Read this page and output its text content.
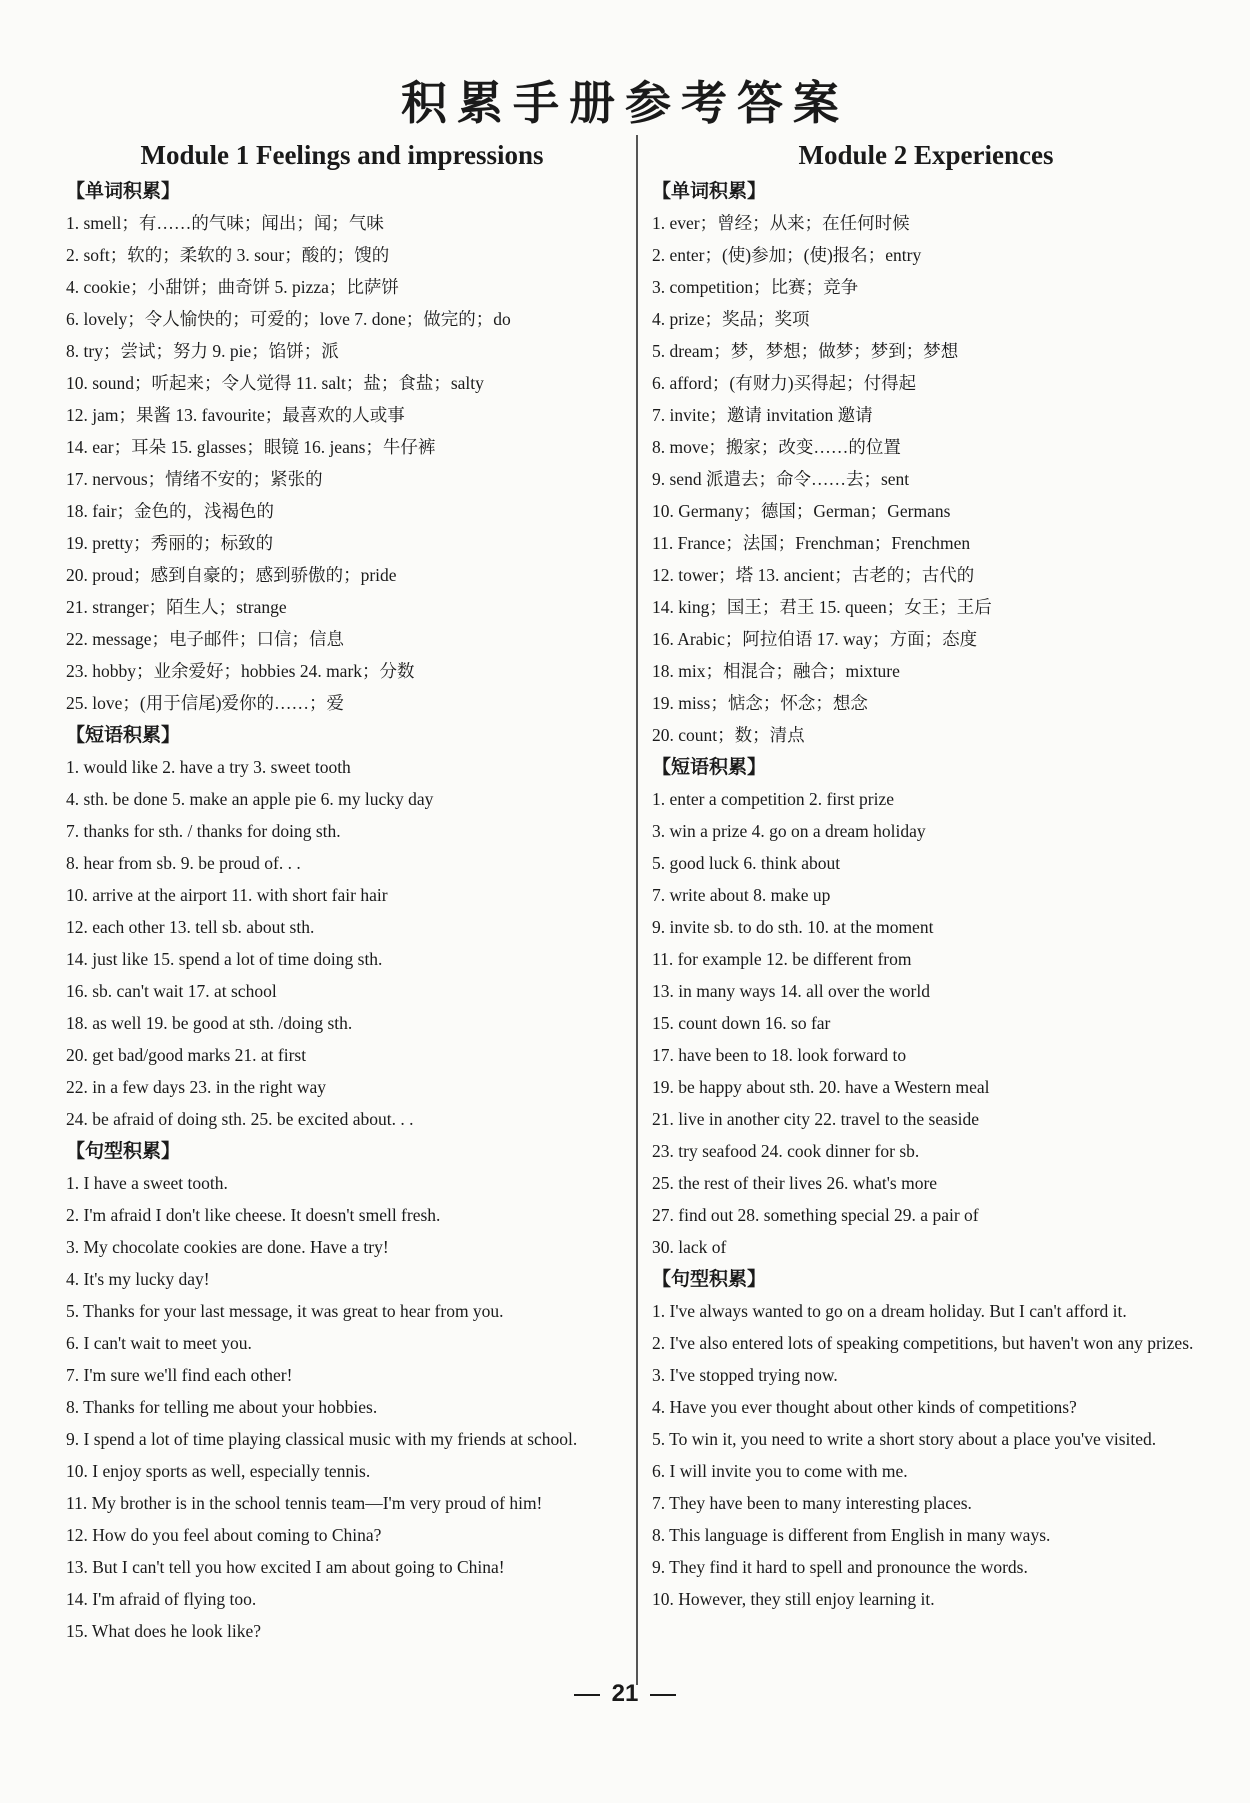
积累手册参考答案
Module 1 Feelings and impressions
【单词积累】
1. smell；有……的气味；闻出；闻；气味
2. soft；软的；柔软的 3. sour；酸的；馊的
4. cookie；小甜饼；曲奇饼 5. pizza；比萨饼
6. lovely；令人愉快的；可爱的；love 7. done；做完的；do
8. try；尝试；努力 9. pie；馅饼；派
10. sound；听起来；令人觉得 11. salt；盐；食盐；salty
12. jam；果酱 13. favourite；最喜欢的人或事
14. ear；耳朵 15. glasses；眼镜 16. jeans；牛仔裤
17. nervous；情绪不安的；紧张的
18. fair；金色的，浅褐色的
19. pretty；秀丽的；标致的
20. proud；感到自豪的；感到骄傲的；pride
21. stranger；陌生人；strange
22. message；电子邮件；口信；信息
23. hobby；业余爱好；hobbies 24. mark；分数
25. love；(用于信尾)爱你的……；爱
【短语积累】
1. would like 2. have a try 3. sweet tooth
4. sth. be done 5. make an apple pie 6. my lucky day
7. thanks for sth. / thanks for doing sth.
8. hear from sb. 9. be proud of. . .
10. arrive at the airport 11. with short fair hair
12. each other 13. tell sb. about sth.
14. just like 15. spend a lot of time doing sth.
16. sb. can't wait 17. at school
18. as well 19. be good at sth. /doing sth.
20. get bad/good marks 21. at first
22. in a few days 23. in the right way
24. be afraid of doing sth. 25. be excited about. . .
【句型积累】
1. I have a sweet tooth.
2. I'm afraid I don't like cheese. It doesn't smell fresh.
3. My chocolate cookies are done. Have a try!
4. It's my lucky day!
5. Thanks for your last message, it was great to hear from you.
6. I can't wait to meet you.
7. I'm sure we'll find each other!
8. Thanks for telling me about your hobbies.
9. I spend a lot of time playing classical music with my friends at school.
10. I enjoy sports as well, especially tennis.
11. My brother is in the school tennis team—I'm very proud of him!
12. How do you feel about coming to China?
13. But I can't tell you how excited I am about going to China!
14. I'm afraid of flying too.
15. What does he look like?
Module 2 Experiences
【单词积累】
1. ever；曾经；从来；在任何时候
2. enter；(使)参加；(使)报名；entry
3. competition；比赛；竞争
4. prize；奖品；奖项
5. dream；梦，梦想；做梦；梦到；梦想
6. afford；(有财力)买得起；付得起
7. invite；邀请 invitation 邀请
8. move；搬家；改变……的位置
9. send 派遣去；命令……去；sent
10. Germany；德国；German；Germans
11. France；法国；Frenchman；Frenchmen
12. tower；塔 13. ancient；古老的；古代的
14. king；国王；君王 15. queen；女王；王后
16. Arabic；阿拉伯语 17. way；方面；态度
18. mix；相混合；融合；mixture
19. miss；惦念；怀念；想念
20. count；数；清点
【短语积累】
1. enter a competition 2. first prize
3. win a prize 4. go on a dream holiday
5. good luck 6. think about
7. write about 8. make up
9. invite sb. to do sth. 10. at the moment
11. for example 12. be different from
13. in many ways 14. all over the world
15. count down 16. so far
17. have been to 18. look forward to
19. be happy about sth. 20. have a Western meal
21. live in another city 22. travel to the seaside
23. try seafood 24. cook dinner for sb.
25. the rest of their lives 26. what's more
27. find out 28. something special 29. a pair of
30. lack of
【句型积累】
1. I've always wanted to go on a dream holiday. But I can't afford it.
2. I've also entered lots of speaking competitions, but haven't won any prizes.
3. I've stopped trying now.
4. Have you ever thought about other kinds of competitions?
5. To win it, you need to write a short story about a place you've visited.
6. I will invite you to come with me.
7. They have been to many interesting places.
8. This language is different from English in many ways.
9. They find it hard to spell and pronounce the words.
10. However, they still enjoy learning it.
21
